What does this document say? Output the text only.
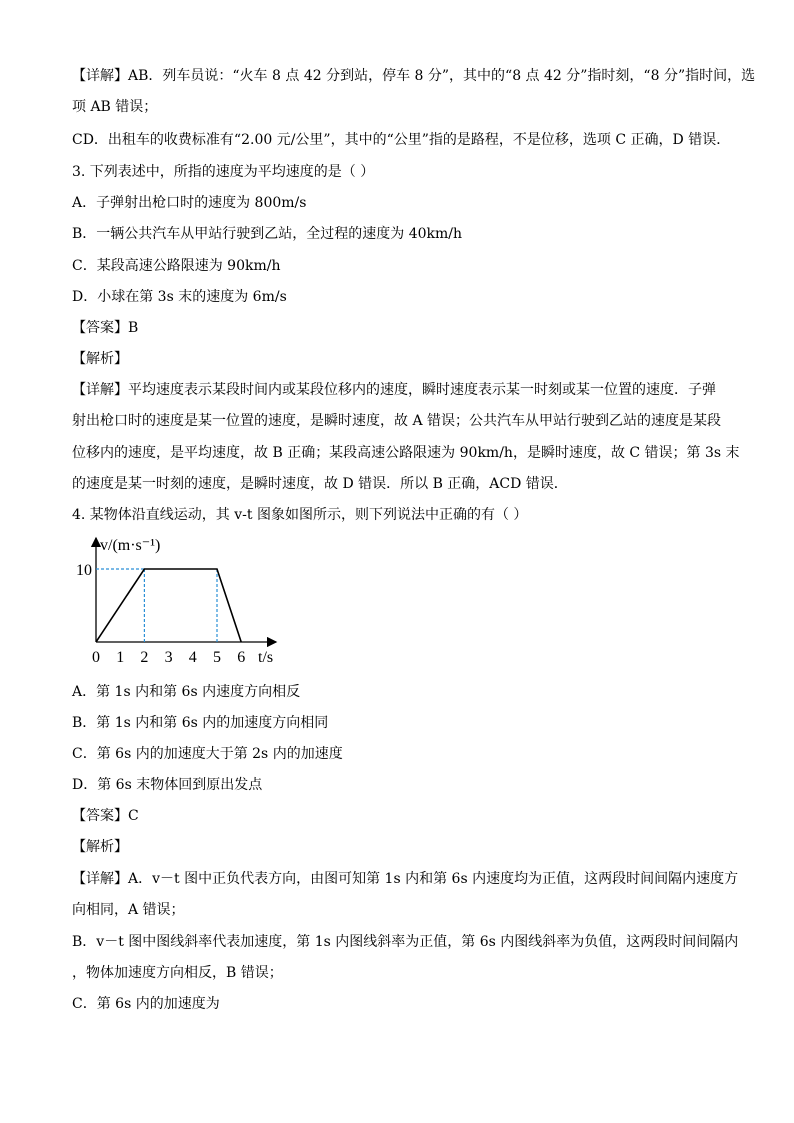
【详解】AB．列车员说：“火车 8 点 42 分到站，停车 8 分”，其中的“8 点 42 分”指时刻，“8 分”指时间，选
项 AB 错误；
CD．出租车的收费标准有“2.00 元/公里”，其中的“公里”指的是路程，不是位移，选项 C 正确，D 错误．
3. 下列表述中，所指的速度为平均速度的是（ ）
A．子弹射出枪口时的速度为 800m/s
B．一辆公共汽车从甲站行驶到乙站，全过程的速度为 40km/h
C．某段高速公路限速为 90km/h
D．小球在第 3s 末的速度为 6m/s
【答案】B
【解析】
【详解】平均速度表示某段时间内或某段位移内的速度，瞬时速度表示某一时刻或某一位置的速度．子弹
射出枪口时的速度是某一位置的速度，是瞬时速度，故 A 错误；公共汽车从甲站行驶到乙站的速度是某段
位移内的速度，是平均速度，故 B 正确；某段高速公路限速为 90km/h，是瞬时速度，故 C 错误；第 3s 末
的速度是某一时刻的速度，是瞬时速度，故 D 错误．所以 B 正确，ACD 错误．
4. 某物体沿直线运动，其 v-t 图象如图所示，则下列说法中正确的有（ ）
v/(m·s⁻¹)
10
0 1 2 3 4 5 6 t/s
A．第 1s 内和第 6s 内速度方向相反
B．第 1s 内和第 6s 内的加速度方向相同
C．第 6s 内的加速度大于第 2s 内的加速度
D．第 6s 末物体回到原出发点
【答案】C
【解析】
【详解】A．v－t 图中正负代表方向，由图可知第 1s 内和第 6s 内速度均为正值，这两段时间间隔内速度方
向相同，A 错误；
B．v－t 图中图线斜率代表加速度，第 1s 内图线斜率为正值，第 6s 内图线斜率为负值，这两段时间间隔内
，物体加速度方向相反，B 错误；
C．第 6s 内的加速度为
